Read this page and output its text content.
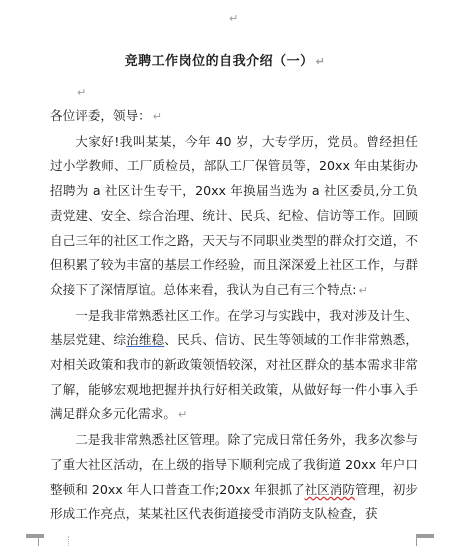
↵
竞聘工作岗位的自我介绍（一） ↵
↵

各位评委，领导： ↵

大家好!我叫某某，今年 40 岁，大专学历，党员。曾经担任过小学教师、工厂质检员，部队工厂保管员等，20xx 年由某街办招聘为 a 社区计生专干，20xx 年换届当选为 a 社区委员,分工负责党建、安全、综合治理、统计、民兵、纪检、信访等工作。回顾自己三年的社区工作之路，天天与不同职业类型的群众打交道，不但积累了较为丰富的基层工作经验，而且深深爱上社区工作，与群众接下了深情厚谊。总体来看，我认为自己有三个特点: ↵

一是我非常熟悉社区工作。在学习与实践中，我对涉及计生、基层党建、综治维稳、民兵、信访、民生等领域的工作非常熟悉，对相关政策和我市的新政策领悟较深，对社区群众的基本需求非常了解，能够宏观地把握并执行好相关政策，从做好每一件小事入手满足群众多元化需求。 ↵

二是我非常熟悉社区管理。除了完成日常任务外，我多次参与了重大社区活动，在上级的指导下顺利完成了我街道 20xx 年户口整顿和 20xx 年人口普查工作;20xx 年狠抓了社区消防管理，初步形成工作亮点，某某社区代表街道接受市消防支队检查，获
